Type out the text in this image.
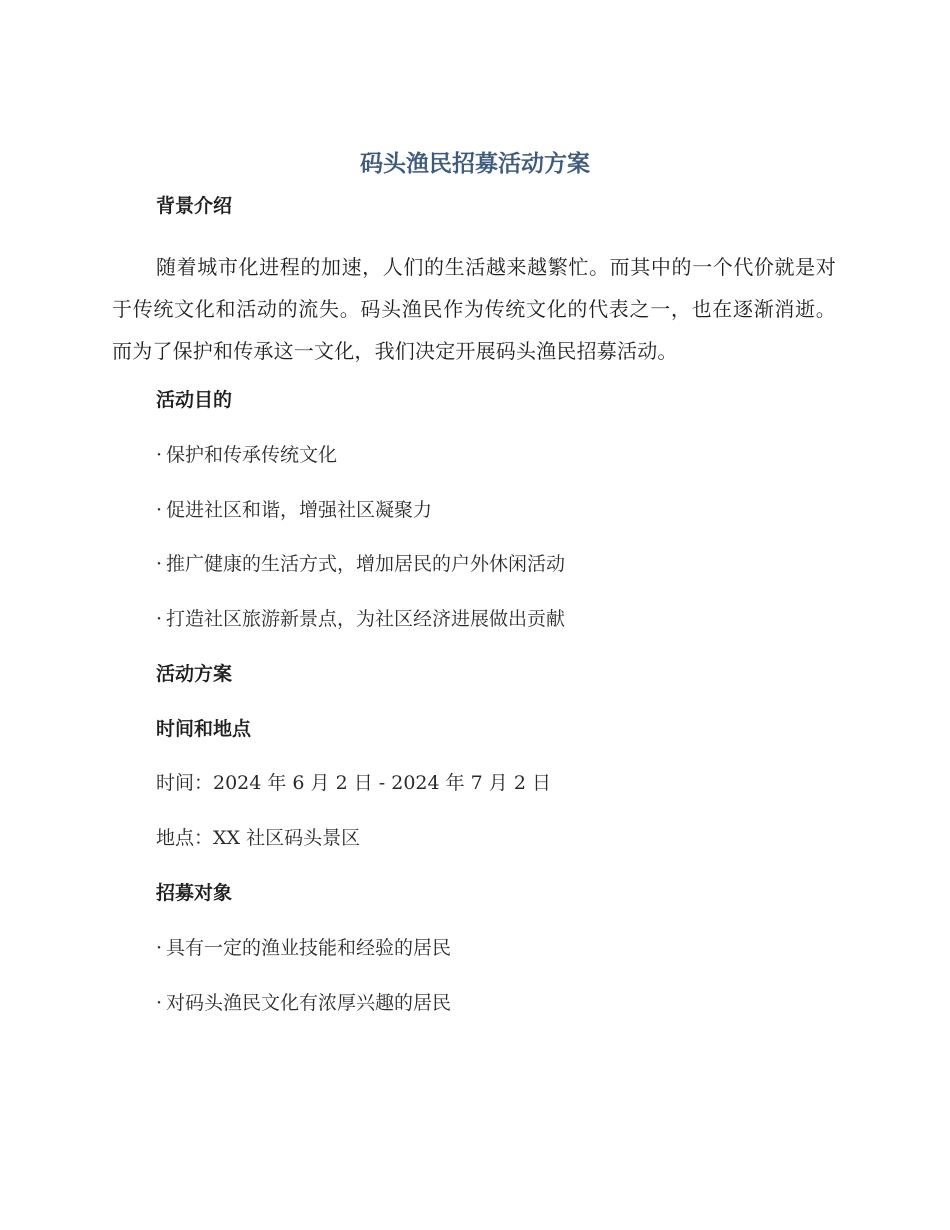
码头渔民招募活动方案
背景介绍
随着城市化进程的加速，人们的生活越来越繁忙。而其中的一个代价就是对于传统文化和活动的流失。码头渔民作为传统文化的代表之一，也在逐渐消逝。而为了保护和传承这一文化，我们决定开展码头渔民招募活动。
活动目的
· 保护和传承传统文化
· 促进社区和谐，增强社区凝聚力
· 推广健康的生活方式，增加居民的户外休闲活动
· 打造社区旅游新景点，为社区经济进展做出贡献
活动方案
时间和地点
时间：2024 年 6 月 2 日 - 2024 年 7 月 2 日
地点：XX 社区码头景区
招募对象
· 具有一定的渔业技能和经验的居民
· 对码头渔民文化有浓厚兴趣的居民
